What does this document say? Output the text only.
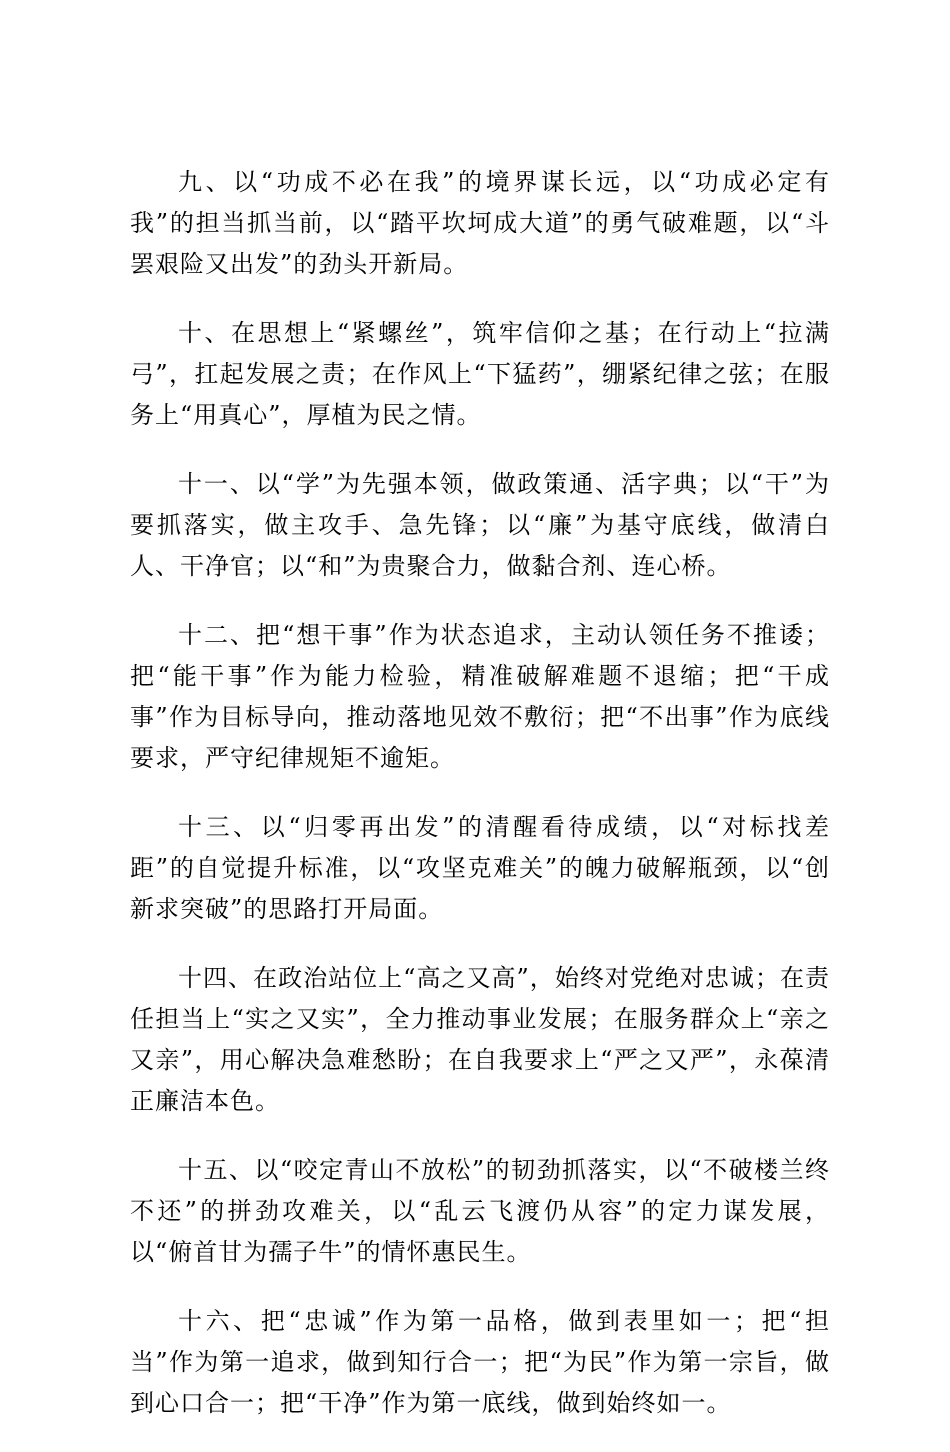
九、以“功成不必在我”的境界谋长远，以“功成必定有我”的担当抓当前，以“踏平坎坷成大道”的勇气破难题，以“斗罢艰险又出发”的劲头开新局。

十、在思想上“紧螺丝”，筑牢信仰之基；在行动上“拉满弓”，扛起发展之责；在作风上“下猛药”，绷紧纪律之弦；在服务上“用真心”，厚植为民之情。

十一、以“学”为先强本领，做政策通、活字典；以“干”为要抓落实，做主攻手、急先锋；以“廉”为基守底线，做清白人、干净官；以“和”为贵聚合力，做黏合剂、连心桥。

十二、把“想干事”作为状态追求，主动认领任务不推诿；把“能干事”作为能力检验，精准破解难题不退缩；把“干成事”作为目标导向，推动落地见效不敷衍；把“不出事”作为底线要求，严守纪律规矩不逾矩。

十三、以“归零再出发”的清醒看待成绩，以“对标找差距”的自觉提升标准，以“攻坚克难关”的魄力破解瓶颈，以“创新求突破”的思路打开局面。

十四、在政治站位上“高之又高”，始终对党绝对忠诚；在责任担当上“实之又实”，全力推动事业发展；在服务群众上“亲之又亲”，用心解决急难愁盼；在自我要求上“严之又严”，永葆清正廉洁本色。

十五、以“咬定青山不放松”的韧劲抓落实，以“不破楼兰终不还”的拼劲攻难关，以“乱云飞渡仍从容”的定力谋发展，以“俯首甘为孺子牛”的情怀惠民生。

十六、把“忠诚”作为第一品格，做到表里如一；把“担当”作为第一追求，做到知行合一；把“为民”作为第一宗旨，做到心口合一；把“干净”作为第一底线，做到始终如一。
